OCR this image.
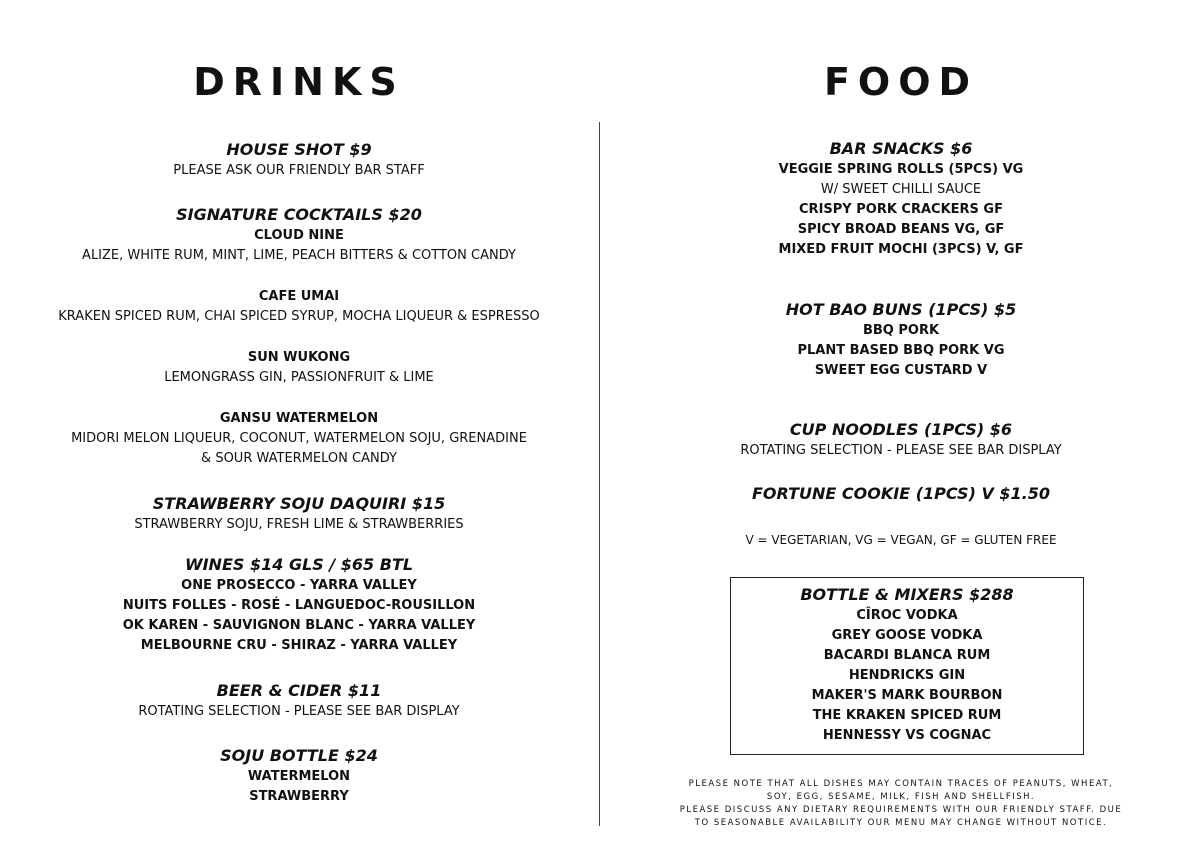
DRINKS

HOUSE SHOT $9

PLEASE ASK OUR FRIENDLY BAR STAFF

SIGNATURE COCKTAILS $20

CLOUD NINE

ALIZE, WHITE RUM, MINT, LIME, PEACH BITTERS & COTTON CANDY

CAFE UMAI

KRAKEN SPICED RUM, CHAI SPICED SYRUP, MOCHA LIQUEUR & ESPRESSO

SUN WUKONG

LEMONGRASS GIN, PASSIONFRUIT & LIME

GANSU WATERMELON

MIDORI MELON LIQUEUR, COCONUT, WATERMELON SOJU, GRENADINE

& SOUR WATERMELON CANDY

STRAWBERRY SOJU DAQUIRI $15

STRAWBERRY SOJU, FRESH LIME & STRAWBERRIES

WINES $14 GLS / $65 BTL

ONE PROSECCO - YARRA VALLEY

NUITS FOLLES - ROSÉ - LANGUEDOC-ROUSILLON

OK KAREN - SAUVIGNON BLANC - YARRA VALLEY

MELBOURNE CRU - SHIRAZ - YARRA VALLEY

BEER & CIDER $11

ROTATING SELECTION - PLEASE SEE BAR DISPLAY

SOJU BOTTLE $24

WATERMELON

STRAWBERRY

FOOD

BAR SNACKS $6

VEGGIE SPRING ROLLS (5PCS) VG

W/ SWEET CHILLI SAUCE

CRISPY PORK CRACKERS GF

SPICY BROAD BEANS VG, GF

MIXED FRUIT MOCHI (3PCS) V, GF

HOT BAO BUNS (1PCS) $5

BBQ PORK

PLANT BASED BBQ PORK VG

SWEET EGG CUSTARD V

CUP NOODLES (1PCS) $6

ROTATING SELECTION - PLEASE SEE BAR DISPLAY

FORTUNE COOKIE (1PCS) V $1.50

V = VEGETARIAN, VG = VEGAN, GF = GLUTEN FREE

BOTTLE & MIXERS $288

CÎROC VODKA

GREY GOOSE VODKA

BACARDI BLANCA RUM

HENDRICKS GIN

MAKER'S MARK BOURBON

THE KRAKEN SPICED RUM

HENNESSY VS COGNAC

PLEASE NOTE THAT ALL DISHES MAY CONTAIN TRACES OF PEANUTS, WHEAT,

SOY, EGG, SESAME, MILK, FISH AND SHELLFISH.

PLEASE DISCUSS ANY DIETARY REQUIREMENTS WITH OUR FRIENDLY STAFF. DUE

TO SEASONABLE AVAILABILITY OUR MENU MAY CHANGE WITHOUT NOTICE.
